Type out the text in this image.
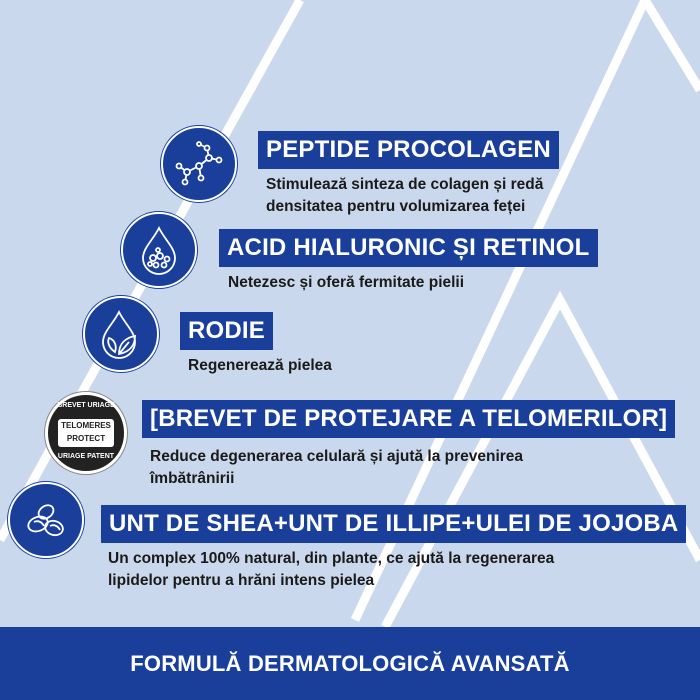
PEPTIDE PROCOLAGEN
Stimulează sinteza de colagen și redă
densitatea pentru volumizarea feței
ACID HIALURONIC ȘI RETINOL
Netezesc și oferă fermitate pielii
RODIE
Regenerează pielea
BREVET URIAGE
TELOMERES
PROTECT
URIAGE PATENT
[BREVET DE PROTEJARE A TELOMERILOR]
Reduce degenerarea celulară și ajută la prevenirea
îmbătrânirii
UNT DE SHEA+UNT DE ILLIPE+ULEI DE JOJOBA
Un complex 100% natural, din plante, ce ajută la regenerarea
lipidelor pentru a hrăni intens pielea
FORMULĂ DERMATOLOGICĂ AVANSATĂ
